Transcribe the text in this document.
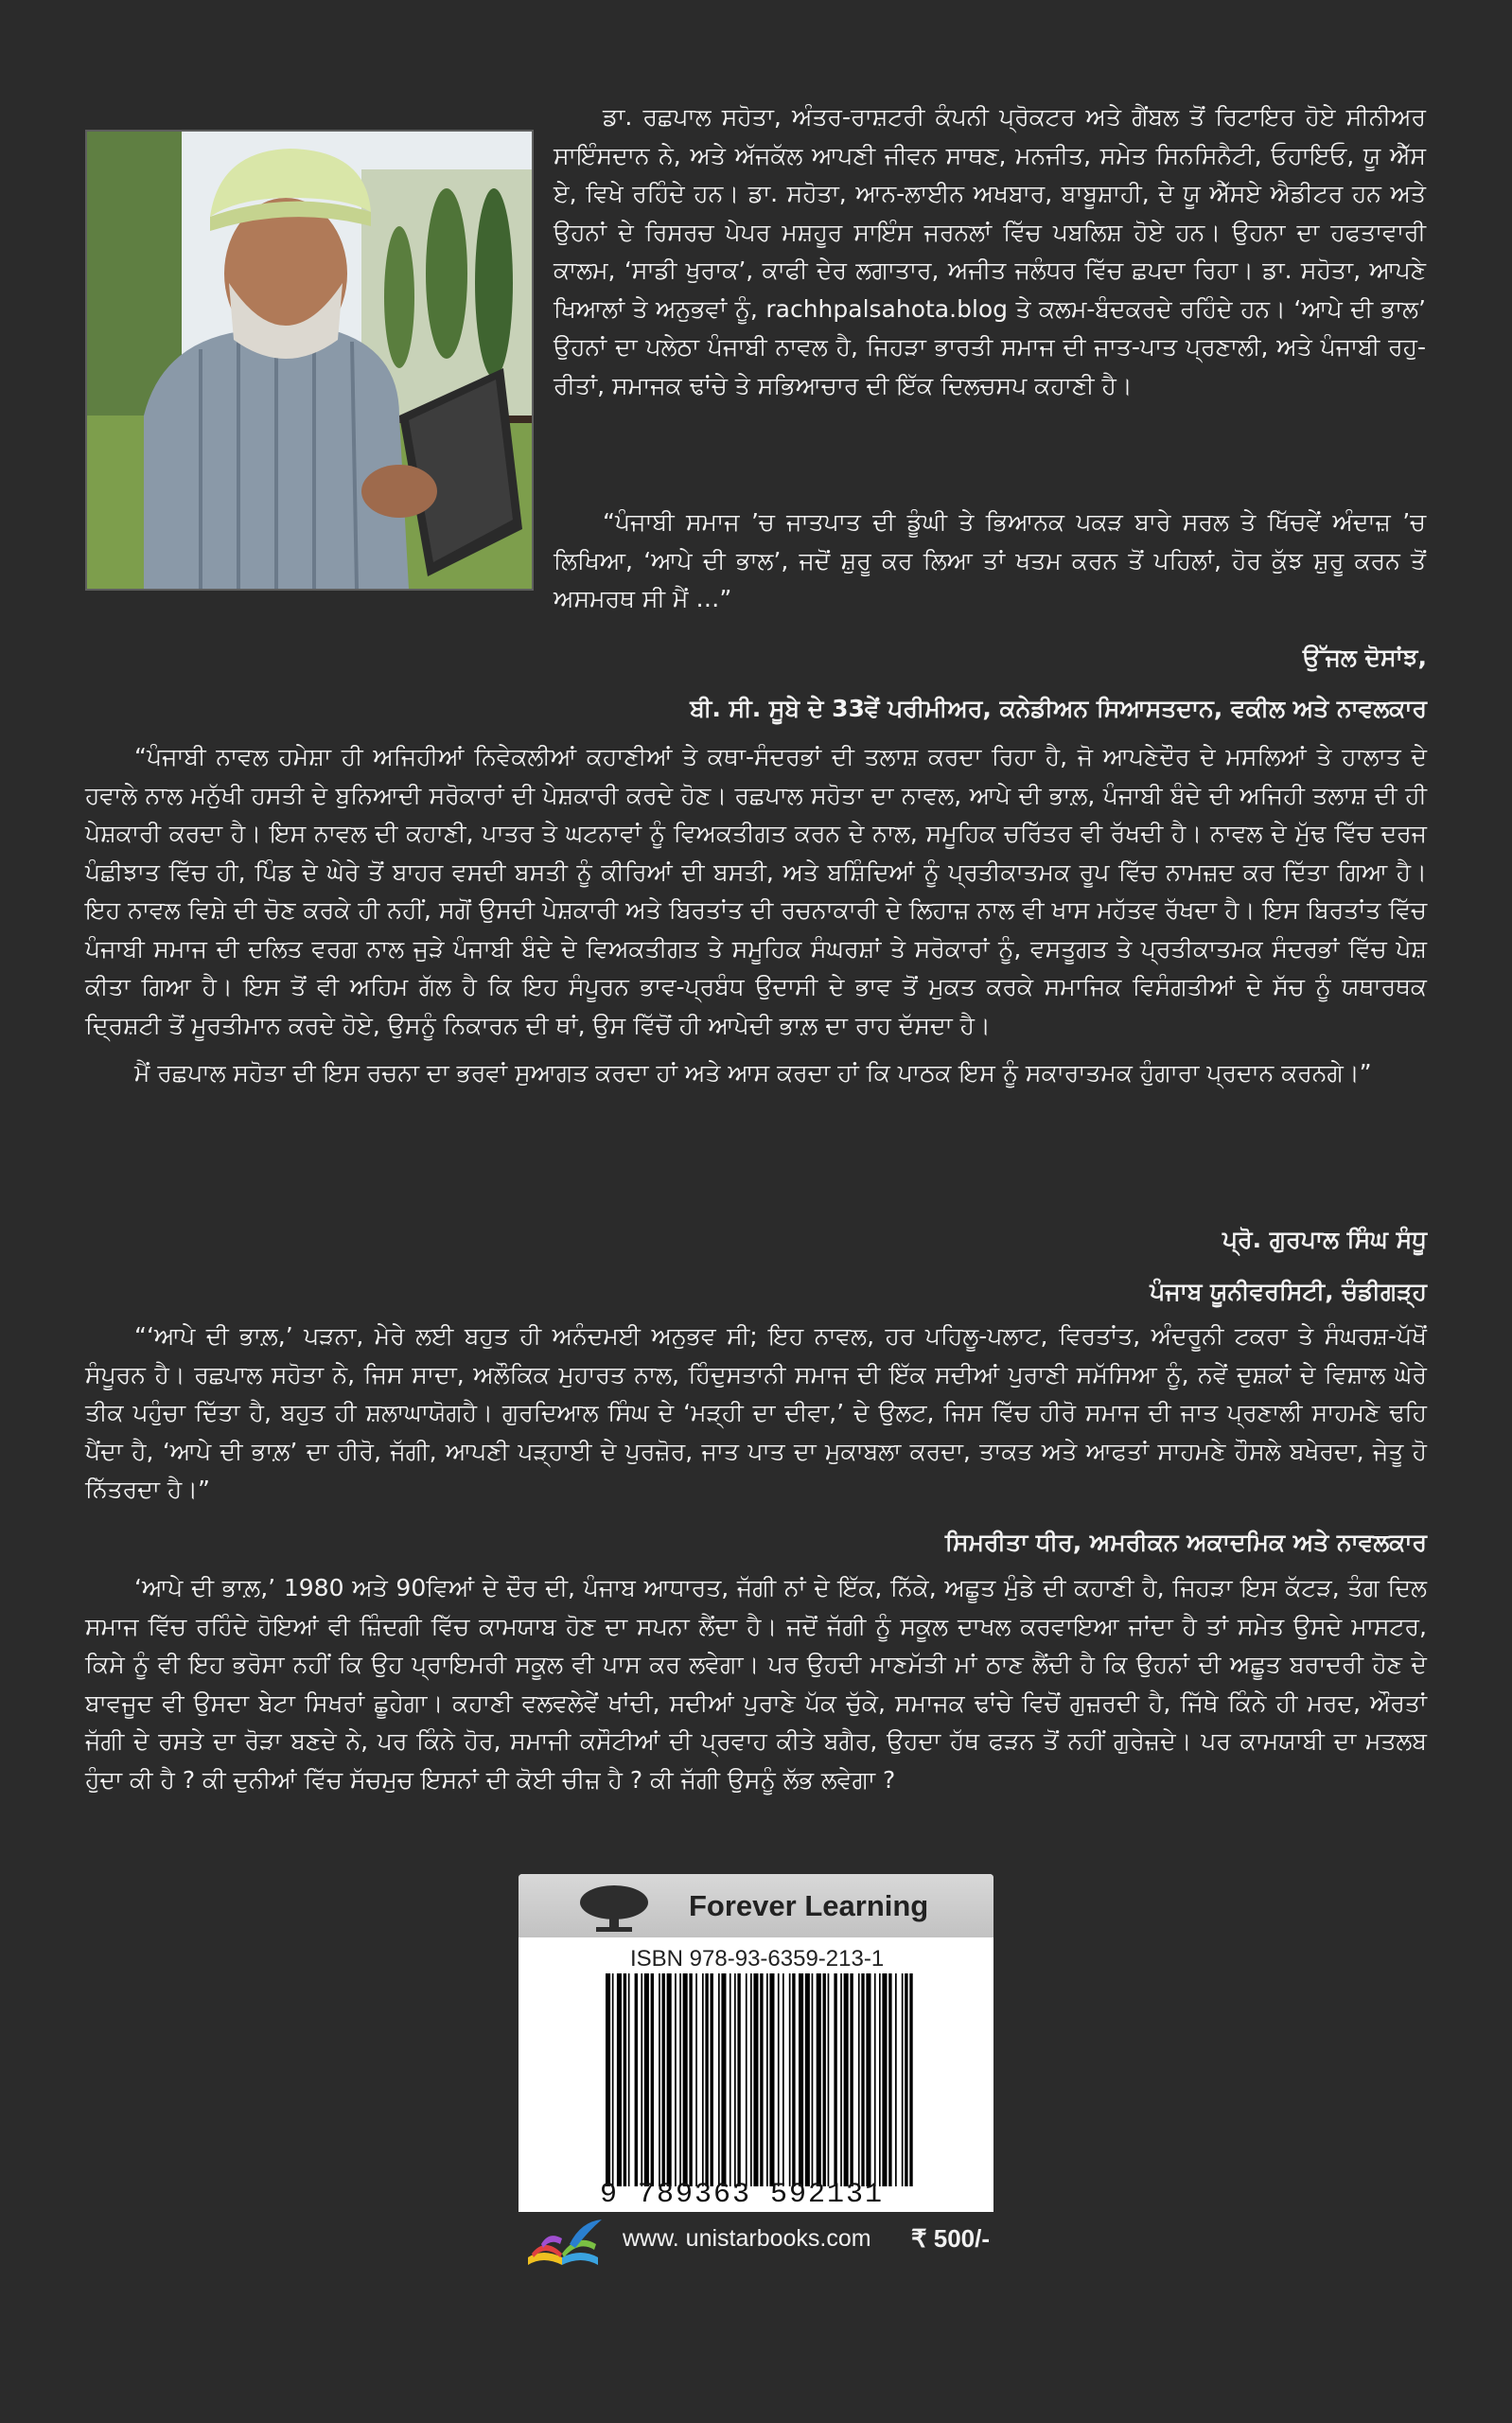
ਡਾ. ਰਛਪਾਲ ਸਹੋਤਾ, ਅੰਤਰ-ਰਾਸ਼ਟਰੀ ਕੰਪਨੀ ਪ੍ਰੋਕਟਰ ਅਤੇ ਗੈਂਬਲ ਤੋਂ ਰਿਟਾਇਰ ਹੋਏ ਸੀਨੀਅਰ ਸਾਇੰਸਦਾਨ ਨੇ, ਅਤੇ ਅੱਜਕੱਲ ਆਪਣੀ ਜੀਵਨ ਸਾਥਣ, ਮਨਜੀਤ, ਸਮੇਤ ਸਿਨਸਿਨੈਟੀ, ਓਹਾਇਓ, ਯੂ ਐੱਸ ਏ, ਵਿਖੇ ਰਹਿੰਦੇ ਹਨ। ਡਾ. ਸਹੋਤਾ, ਆਨ-ਲਾਈਨ ਅਖਬਾਰ, ਬਾਬੂਸ਼ਾਹੀ, ਦੇ ਯੂ ਐੱਸਏ ਐਡੀਟਰ ਹਨ ਅਤੇ ਉਹਨਾਂ ਦੇ ਰਿਸਰਚ ਪੇਪਰ ਮਸ਼ਹੂਰ ਸਾਇੰਸ ਜਰਨਲਾਂ ਵਿੱਚ ਪਬਲਿਸ਼ ਹੋਏ ਹਨ। ਉਹਨਾ ਦਾ ਹਫਤਾਵਾਰੀ ਕਾਲਮ, ‘ਸਾਡੀ ਖੁਰਾਕ’, ਕਾਫੀ ਦੇਰ ਲਗਾਤਾਰ, ਅਜੀਤ ਜਲੰਧਰ ਵਿੱਚ ਛਪਦਾ ਰਿਹਾ। ਡਾ. ਸਹੋਤਾ, ਆਪਣੇ ਖਿਆਲਾਂ ਤੇ ਅਨੁਭਵਾਂ ਨੂੰ, rachhpalsahota.blog ਤੇ ਕਲਮ-ਬੰਦਕਰਦੇ ਰਹਿੰਦੇ ਹਨ। ‘ਆਪੇ ਦੀ ਭਾਲ’ ਉਹਨਾਂ ਦਾ ਪਲੇਠਾ ਪੰਜਾਬੀ ਨਾਵਲ ਹੈ, ਜਿਹੜਾ ਭਾਰਤੀ ਸਮਾਜ ਦੀ ਜਾਤ-ਪਾਤ ਪ੍ਰਣਾਲੀ, ਅਤੇ ਪੰਜਾਬੀ ਰਹੁ-ਰੀਤਾਂ, ਸਮਾਜਕ ਢਾਂਚੇ ਤੇ ਸਭਿਆਚਾਰ ਦੀ ਇੱਕ ਦਿਲਚਸਪ ਕਹਾਣੀ ਹੈ।
“ਪੰਜਾਬੀ ਸਮਾਜ ’ਚ ਜਾਤਪਾਤ ਦੀ ਡੂੰਘੀ ਤੇ ਭਿਆਨਕ ਪਕੜ ਬਾਰੇ ਸਰਲ ਤੇ ਖਿੱਚਵੇਂ ਅੰਦਾਜ਼ ’ਚ ਲਿਖਿਆ, ‘ਆਪੇ ਦੀ ਭਾਲ’, ਜਦੋਂ ਸ਼ੁਰੂ ਕਰ ਲਿਆ ਤਾਂ ਖਤਮ ਕਰਨ ਤੋਂ ਪਹਿਲਾਂ, ਹੋਰ ਕੁੱਝ ਸ਼ੁਰੂ ਕਰਨ ਤੋਂ ਅਸਮਰਥ ਸੀ ਮੈਂ …”
ਉੱਜਲ ਦੋਸਾਂਝ,
ਬੀ. ਸੀ. ਸੂਬੇ ਦੇ 33ਵੇਂ ਪਰੀਮੀਅਰ, ਕਨੇਡੀਅਨ ਸਿਆਸਤਦਾਨ, ਵਕੀਲ ਅਤੇ ਨਾਵਲਕਾਰ

“ਪੰਜਾਬੀ ਨਾਵਲ ਹਮੇਸ਼ਾ ਹੀ ਅਜਿਹੀਆਂ ਨਿਵੇਕਲੀਆਂ ਕਹਾਣੀਆਂ ਤੇ ਕਥਾ-ਸੰਦਰਭਾਂ ਦੀ ਤਲਾਸ਼ ਕਰਦਾ ਰਿਹਾ ਹੈ, ਜੋ ਆਪਣੇਦੌਰ ਦੇ ਮਸਲਿਆਂ ਤੇ ਹਾਲਾਤ ਦੇ ਹਵਾਲੇ ਨਾਲ ਮਨੁੱਖੀ ਹਸਤੀ ਦੇ ਬੁਨਿਆਦੀ ਸਰੋਕਾਰਾਂ ਦੀ ਪੇਸ਼ਕਾਰੀ ਕਰਦੇ ਹੋਣ। ਰਛਪਾਲ ਸਹੋਤਾ ਦਾ ਨਾਵਲ, ਆਪੇ ਦੀ ਭਾਲ਼, ਪੰਜਾਬੀ ਬੰਦੇ ਦੀ ਅਜਿਹੀ ਤਲਾਸ਼ ਦੀ ਹੀ ਪੇਸ਼ਕਾਰੀ ਕਰਦਾ ਹੈ। ਇਸ ਨਾਵਲ ਦੀ ਕਹਾਣੀ, ਪਾਤਰ ਤੇ ਘਟਨਾਵਾਂ ਨੂੰ ਵਿਅਕਤੀਗਤ ਕਰਨ ਦੇ ਨਾਲ, ਸਮੂਹਿਕ ਚਰਿੱਤਰ ਵੀ ਰੱਖਦੀ ਹੈ। ਨਾਵਲ ਦੇ ਮੁੱਢ ਵਿੱਚ ਦਰਜ ਪੰਛੀਝਾਤ ਵਿੱਚ ਹੀ, ਪਿੰਡ ਦੇ ਘੇਰੇ ਤੋਂ ਬਾਹਰ ਵਸਦੀ ਬਸਤੀ ਨੂੰ ਕੀਰਿਆਂ ਦੀ ਬਸਤੀ, ਅਤੇ ਬਸ਼ਿੰਦਿਆਂ ਨੂੰ ਪ੍ਰਤੀਕਾਤਮਕ ਰੂਪ ਵਿੱਚ ਨਾਮਜ਼ਦ ਕਰ ਦਿੱਤਾ ਗਿਆ ਹੈ। ਇਹ ਨਾਵਲ ਵਿਸ਼ੇ ਦੀ ਚੋਣ ਕਰਕੇ ਹੀ ਨਹੀਂ, ਸਗੋਂ ਉਸਦੀ ਪੇਸ਼ਕਾਰੀ ਅਤੇ ਬਿਰਤਾਂਤ ਦੀ ਰਚਨਾਕਾਰੀ ਦੇ ਲਿਹਾਜ਼ ਨਾਲ ਵੀ ਖਾਸ ਮਹੱਤਵ ਰੱਖਦਾ ਹੈ। ਇਸ ਬਿਰਤਾਂਤ ਵਿੱਚ ਪੰਜਾਬੀ ਸਮਾਜ ਦੀ ਦਲਿਤ ਵਰਗ ਨਾਲ ਜੁੜੇ ਪੰਜਾਬੀ ਬੰਦੇ ਦੇ ਵਿਅਕਤੀਗਤ ਤੇ ਸਮੂਹਿਕ ਸੰਘਰਸ਼ਾਂ ਤੇ ਸਰੋਕਾਰਾਂ ਨੂੰ, ਵਸਤੂਗਤ ਤੇ ਪ੍ਰਤੀਕਾਤਮਕ ਸੰਦਰਭਾਂ ਵਿੱਚ ਪੇਸ਼ ਕੀਤਾ ਗਿਆ ਹੈ। ਇਸ ਤੋਂ ਵੀ ਅਹਿਮ ਗੱਲ ਹੈ ਕਿ ਇਹ ਸੰਪੂਰਨ ਭਾਵ-ਪ੍ਰਬੰਧ ਉਦਾਸੀ ਦੇ ਭਾਵ ਤੋਂ ਮੁਕਤ ਕਰਕੇ ਸਮਾਜਿਕ ਵਿਸੰਗਤੀਆਂ ਦੇ ਸੱਚ ਨੂੰ ਯਥਾਰਥਕ ਦ੍ਰਿਸ਼ਟੀ ਤੋਂ ਮੂਰਤੀਮਾਨ ਕਰਦੇ ਹੋਏ, ਉਸਨੂੰ ਨਿਕਾਰਨ ਦੀ ਥਾਂ, ਉਸ ਵਿੱਚੋਂ ਹੀ ਆਪੇਦੀ ਭਾਲ਼ ਦਾ ਰਾਹ ਦੱਸਦਾ ਹੈ।

ਮੈਂ ਰਛਪਾਲ ਸਹੋਤਾ ਦੀ ਇਸ ਰਚਨਾ ਦਾ ਭਰਵਾਂ ਸੁਆਗਤ ਕਰਦਾ ਹਾਂ ਅਤੇ ਆਸ ਕਰਦਾ ਹਾਂ ਕਿ ਪਾਠਕ ਇਸ ਨੂੰ ਸਕਾਰਾਤਮਕ ਹੁੰਗਾਰਾ ਪ੍ਰਦਾਨ ਕਰਨਗੇ।”

ਪ੍ਰੋ. ਗੁਰਪਾਲ ਸਿੰਘ ਸੰਧੂ
ਪੰਜਾਬ ਯੂਨੀਵਰਸਿਟੀ, ਚੰਡੀਗੜ੍ਹ
“‘ਆਪੇ ਦੀ ਭਾਲ਼,’ ਪੜਨਾ, ਮੇਰੇ ਲਈ ਬਹੁਤ ਹੀ ਅਨੰਦਮਈ ਅਨੁਭਵ ਸੀ; ਇਹ ਨਾਵਲ, ਹਰ ਪਹਿਲੂ-ਪਲਾਟ, ਵਿਰਤਾਂਤ, ਅੰਦਰੂਨੀ ਟਕਰਾ ਤੇ ਸੰਘਰਸ਼-ਪੱਖੋਂ ਸੰਪੂਰਨ ਹੈ। ਰਛਪਾਲ ਸਹੋਤਾ ਨੇ, ਜਿਸ ਸਾਦਾ, ਅਲੌਕਿਕ ਮੁਹਾਰਤ ਨਾਲ, ਹਿੰਦੁਸਤਾਨੀ ਸਮਾਜ ਦੀ ਇੱਕ ਸਦੀਆਂ ਪੁਰਾਣੀ ਸਮੱਸਿਆ ਨੂੰ, ਨਵੇਂ ਦੁਸ਼ਕਾਂ ਦੇ ਵਿਸ਼ਾਲ ਘੇਰੇ ਤੀਕ ਪਹੁੰਚਾ ਦਿੱਤਾ ਹੈ, ਬਹੁਤ ਹੀ ਸ਼ਲਾਘਾਯੋਗਹੈ। ਗੁਰਦਿਆਲ ਸਿੰਘ ਦੇ ‘ਮੜ੍ਹੀ ਦਾ ਦੀਵਾ,’ ਦੇ ਉਲਟ, ਜਿਸ ਵਿੱਚ ਹੀਰੋ ਸਮਾਜ ਦੀ ਜਾਤ ਪ੍ਰਣਾਲੀ ਸਾਹਮਣੇ ਢਹਿ ਪੈਂਦਾ ਹੈ, ‘ਆਪੇ ਦੀ ਭਾਲ਼’ ਦਾ ਹੀਰੋ, ਜੱਗੀ, ਆਪਣੀ ਪੜ੍ਹਾਈ ਦੇ ਪੁਰਜ਼ੋਰ, ਜਾਤ ਪਾਤ ਦਾ ਮੁਕਾਬਲਾ ਕਰਦਾ, ਤਾਕਤ ਅਤੇ ਆਫਤਾਂ ਸਾਹਮਣੇ ਹੌਸਲੇ ਬਖੇਰਦਾ, ਜੇਤੂ ਹੋ ਨਿੱਤਰਦਾ ਹੈ।”
ਸਿਮਰੀਤਾ ਧੀਰ, ਅਮਰੀਕਨ ਅਕਾਦਮਿਕ ਅਤੇ ਨਾਵਲਕਾਰ
‘ਆਪੇ ਦੀ ਭਾਲ਼,’ 1980 ਅਤੇ 90ਵਿਆਂ ਦੇ ਦੌਰ ਦੀ, ਪੰਜਾਬ ਆਧਾਰਤ, ਜੱਗੀ ਨਾਂ ਦੇ ਇੱਕ, ਨਿੱਕੇ, ਅਛੂਤ ਮੁੰਡੇ ਦੀ ਕਹਾਣੀ ਹੈ, ਜਿਹੜਾ ਇਸ ਕੱਟੜ, ਤੰਗ ਦਿਲ ਸਮਾਜ ਵਿੱਚ ਰਹਿੰਦੇ ਹੋਇਆਂ ਵੀ ਜ਼ਿੰਦਗੀ ਵਿੱਚ ਕਾਮਯਾਬ ਹੋਣ ਦਾ ਸਪਨਾ ਲੈਂਦਾ ਹੈ। ਜਦੋਂ ਜੱਗੀ ਨੂੰ ਸਕੂਲ ਦਾਖਲ ਕਰਵਾਇਆ ਜਾਂਦਾ ਹੈ ਤਾਂ ਸਮੇਤ ਉਸਦੇ ਮਾਸਟਰ, ਕਿਸੇ ਨੂੰ ਵੀ ਇਹ ਭਰੋਸਾ ਨਹੀਂ ਕਿ ਉਹ ਪ੍ਰਾਇਮਰੀ ਸਕੂਲ ਵੀ ਪਾਸ ਕਰ ਲਵੇਗਾ। ਪਰ ਉਹਦੀ ਮਾਣਮੱਤੀ ਮਾਂ ਠਾਣ ਲੈਂਦੀ ਹੈ ਕਿ ਉਹਨਾਂ ਦੀ ਅਛੂਤ ਬਰਾਦਰੀ ਹੋਣ ਦੇ ਬਾਵਜੂਦ ਵੀ ਉਸਦਾ ਬੇਟਾ ਸਿਖਰਾਂ ਛੂਹੇਗਾ। ਕਹਾਣੀ ਵਲਵਲੇਵੇਂ ਖਾਂਦੀ, ਸਦੀਆਂ ਪੁਰਾਣੇ ਪੱਕ ਚੁੱਕੇ, ਸਮਾਜਕ ਢਾਂਚੇ ਵਿਚੋਂ ਗੁਜ਼ਰਦੀ ਹੈ, ਜਿੱਥੇ ਕਿੰਨੇ ਹੀ ਮਰਦ, ਔਰਤਾਂ ਜੱਗੀ ਦੇ ਰਸਤੇ ਦਾ ਰੋੜਾ ਬਣਦੇ ਨੇ, ਪਰ ਕਿੰਨੇ ਹੋਰ, ਸਮਾਜੀ ਕਸੌਟੀਆਂ ਦੀ ਪ੍ਰਵਾਹ ਕੀਤੇ ਬਗੈਰ, ਉਹਦਾ ਹੱਥ ਫੜਨ ਤੋਂ ਨਹੀਂ ਗੁਰੇਜ਼ਦੇ। ਪਰ ਕਾਮਯਾਬੀ ਦਾ ਮਤਲਬ ਹੁੰਦਾ ਕੀ ਹੈ ? ਕੀ ਦੁਨੀਆਂ ਵਿੱਚ ਸੱਚਮੁਚ ਇਸਨਾਂ ਦੀ ਕੋਈ ਚੀਜ਼ ਹੈ ? ਕੀ ਜੱਗੀ ਉਸਨੂੰ ਲੱਭ ਲਵੇਗਾ ?
Forever Learning
ISBN 978-93-6359-213-1
9 789363 592131
www. unistarbooks.com ₹ 500/-
